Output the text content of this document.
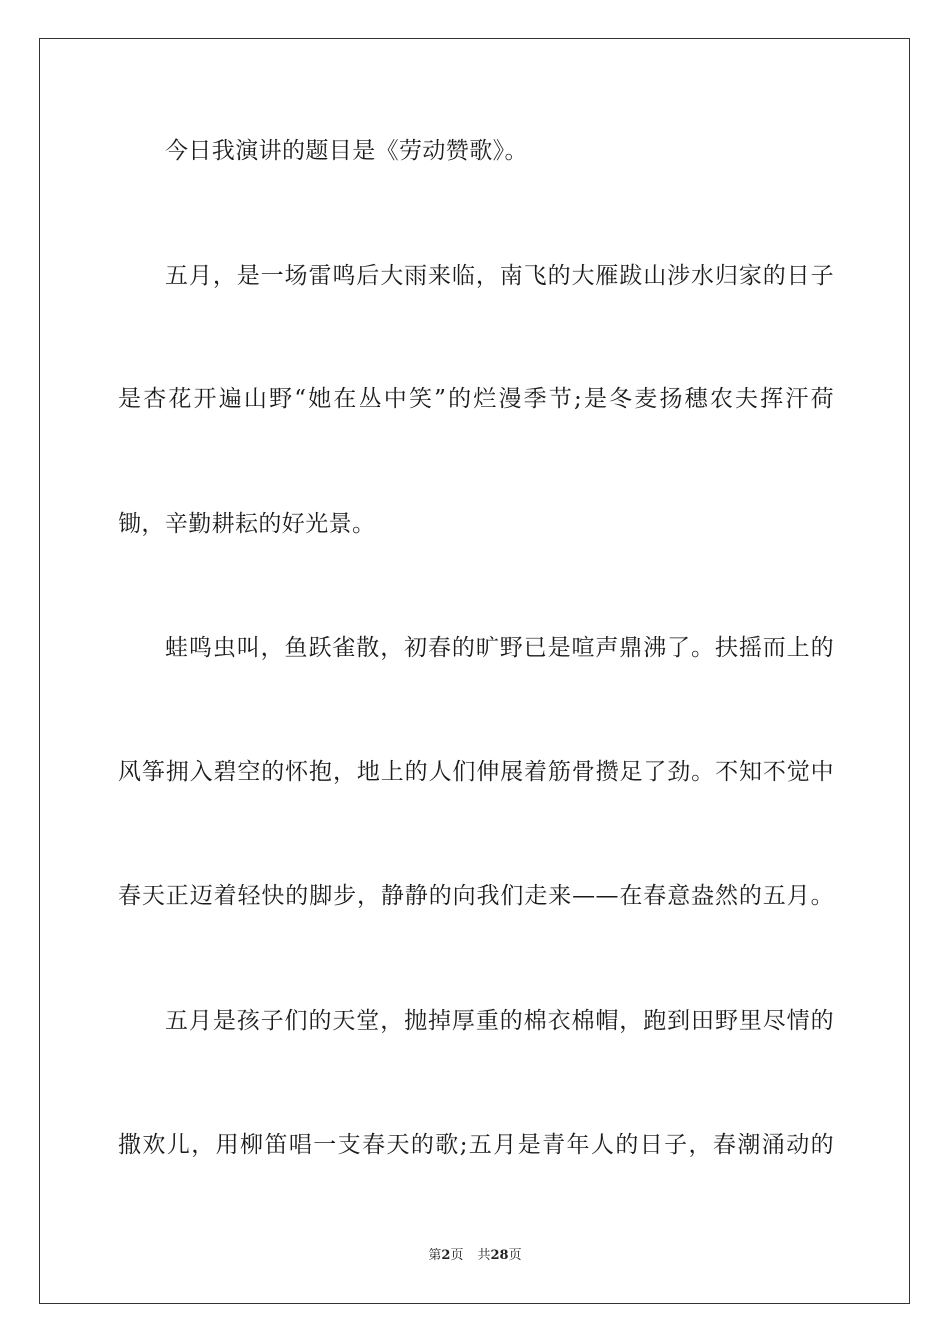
今日我演讲的题目是《劳动赞歌》。
五月，是一场雷鸣后大雨来临，南飞的大雁跋山涉水归家的日子
是杏花开遍山野“她在丛中笑”的烂漫季节;是冬麦扬穗农夫挥汗荷
锄，辛勤耕耘的好光景。
蛙鸣虫叫，鱼跃雀散，初春的旷野已是喧声鼎沸了。扶摇而上的
风筝拥入碧空的怀抱，地上的人们伸展着筋骨攒足了劲。不知不觉中
春天正迈着轻快的脚步，静静的向我们走来——在春意盎然的五月。
五月是孩子们的天堂，抛掉厚重的棉衣棉帽，跑到田野里尽情的
撒欢儿，用柳笛唱一支春天的歌;五月是青年人的日子，春潮涌动的
第2页 共28页
